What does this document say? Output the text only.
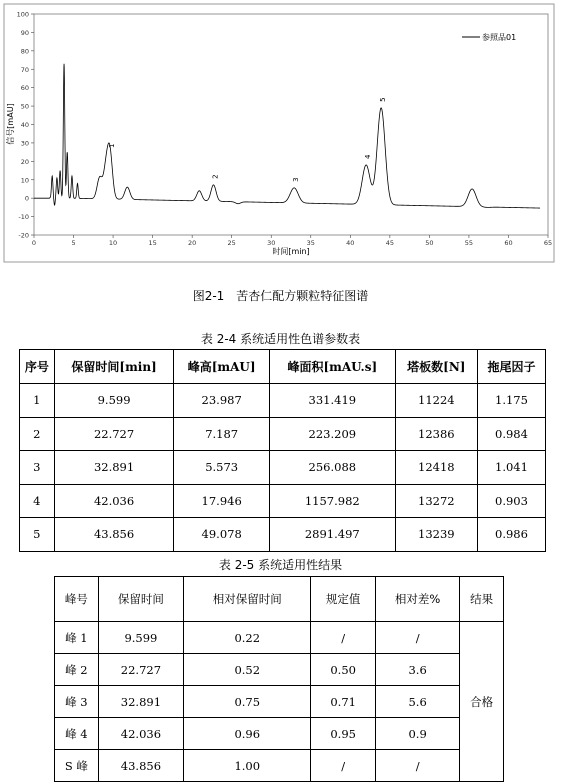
-20
-10
0
10
20
30
40
50
60
70
80
90
100
0	5	10	15	20	25	30	35	40	45	50	55	60	65
1
2
3
4
5
信号[mAU]
时间[min]
参照品01
图2-1　苦杏仁配方颗粒特征图谱
表 2-4 系统适用性色谱参数表
序号	保留时间[min]	峰高[mAU]	峰面积[mAU.s]	塔板数[N]	拖尾因子
1	9.599	23.987	331.419	11224	1.175
2	22.727	7.187	223.209	12386	0.984
3	32.891	5.573	256.088	12418	1.041
4	42.036	17.946	1157.982	13272	0.903
5	43.856	49.078	2891.497	13239	0.986
表 2-5 系统适用性结果
峰号	保留时间	相对保留时间	规定值	相对差%	结果
峰 1	9.599	0.22	/	/	合格
峰 2	22.727	0.52	0.50	3.6	
峰 3	32.891	0.75	0.71	5.6	
峰 4	42.036	0.96	0.95	0.9	
S 峰	43.856	1.00	/	/	
